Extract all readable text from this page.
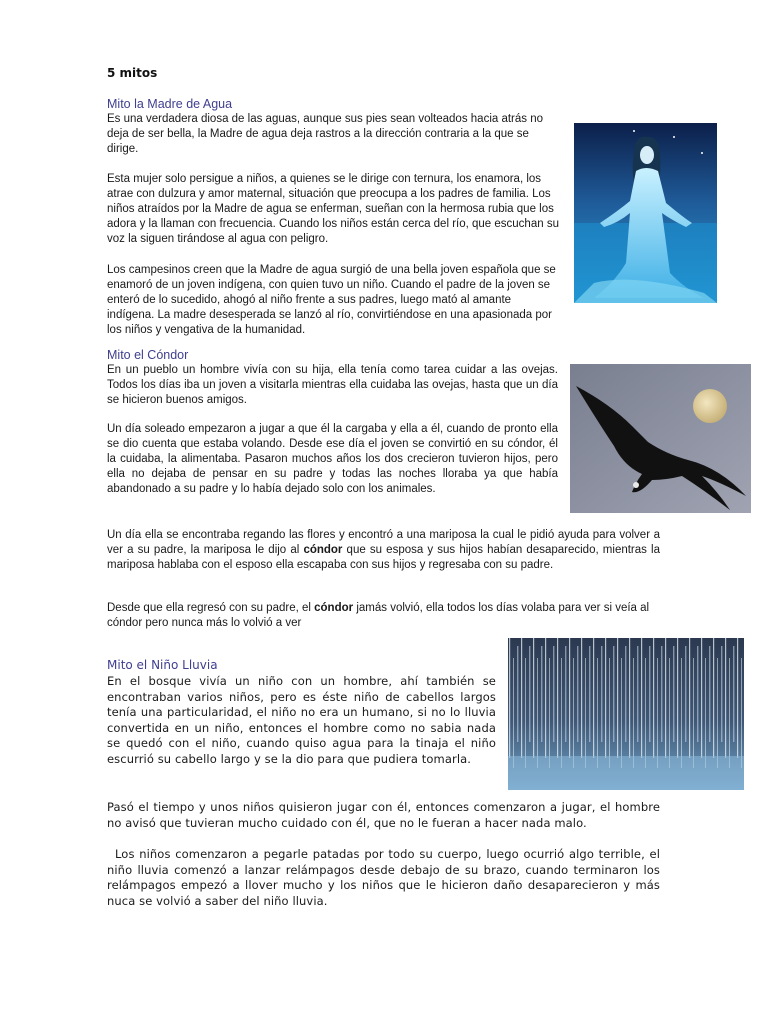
5 mitos
Mito la Madre de Agua

Es una verdadera diosa de las aguas, aunque sus pies sean volteados hacia atrás no deja de ser bella, la Madre de agua deja rastros a la dirección contraria a la que se dirige.

Esta mujer solo persigue a niños, a quienes se le dirige con ternura, los enamora, los atrae con dulzura y amor maternal, situación que preocupa a los padres de familia. Los niños atraídos por la Madre de agua se enferman, sueñan con la hermosa rubia que los adora y la llaman con frecuencia. Cuando los niños están cerca del río, que escuchan su voz la siguen tirándose al agua con peligro.

Los campesinos creen que la Madre de agua surgió de una bella joven española que se enamoró de un joven indígena, con quien tuvo un niño. Cuando el padre de la joven se enteró de lo sucedido, ahogó al niño frente a sus padres, luego mató al amante indígena. La madre desesperada se lanzó al río, convirtiéndose en una apasionada por los niños y vengativa de la humanidad.

Mito el Cóndor

En un pueblo un hombre vivía con su hija, ella tenía como tarea cuidar a las ovejas. Todos los días iba un joven a visitarla mientras ella cuidaba las ovejas, hasta que un día se hicieron buenos amigos.

Un día soleado empezaron a jugar a que él la cargaba y ella a él, cuando de pronto ella se dio cuenta que estaba volando. Desde ese día el joven se convirtió en su cóndor, él la cuidaba, la alimentaba. Pasaron muchos años los dos crecieron tuvieron hijos, pero ella no dejaba de pensar en su padre y todas las noches lloraba ya que había abandonado a su padre y lo había dejado solo con los animales.

Un día ella se encontraba regando las flores y encontró a una mariposa la cual le pidió ayuda para volver a ver a su padre, la mariposa le dijo al cóndor que su esposa y sus hijos habían desaparecido, mientras la mariposa hablaba con el esposo ella escapaba con sus hijos y regresaba con su padre.

Desde que ella regresó con su padre, el cóndor jamás volvió, ella todos los días volaba para ver si veía al cóndor pero nunca más lo volvió a ver

Mito el Niño Lluvia

En el bosque vivía un niño con un hombre, ahí también se encontraban varios niños, pero es éste niño de cabellos largos tenía una particularidad, el niño no era un humano, si no lo lluvia convertida en un niño, entonces el hombre como no sabia nada se quedó con el niño, cuando quiso agua para la tinaja el niño escurrió su cabello largo y se la dio para que pudiera tomarla.

Pasó el tiempo y unos niños quisieron jugar con él, entonces comenzaron a jugar, el hombre no avisó que tuvieran mucho cuidado con él, que no le fueran a hacer nada malo.

Los niños comenzaron a pegarle patadas por todo su cuerpo, luego ocurrió algo terrible, el niño lluvia comenzó a lanzar relámpagos desde debajo de su brazo, cuando terminaron los relámpagos empezó a llover mucho y los niños que le hicieron daño desaparecieron y más nuca se volvió a saber del niño lluvia.
